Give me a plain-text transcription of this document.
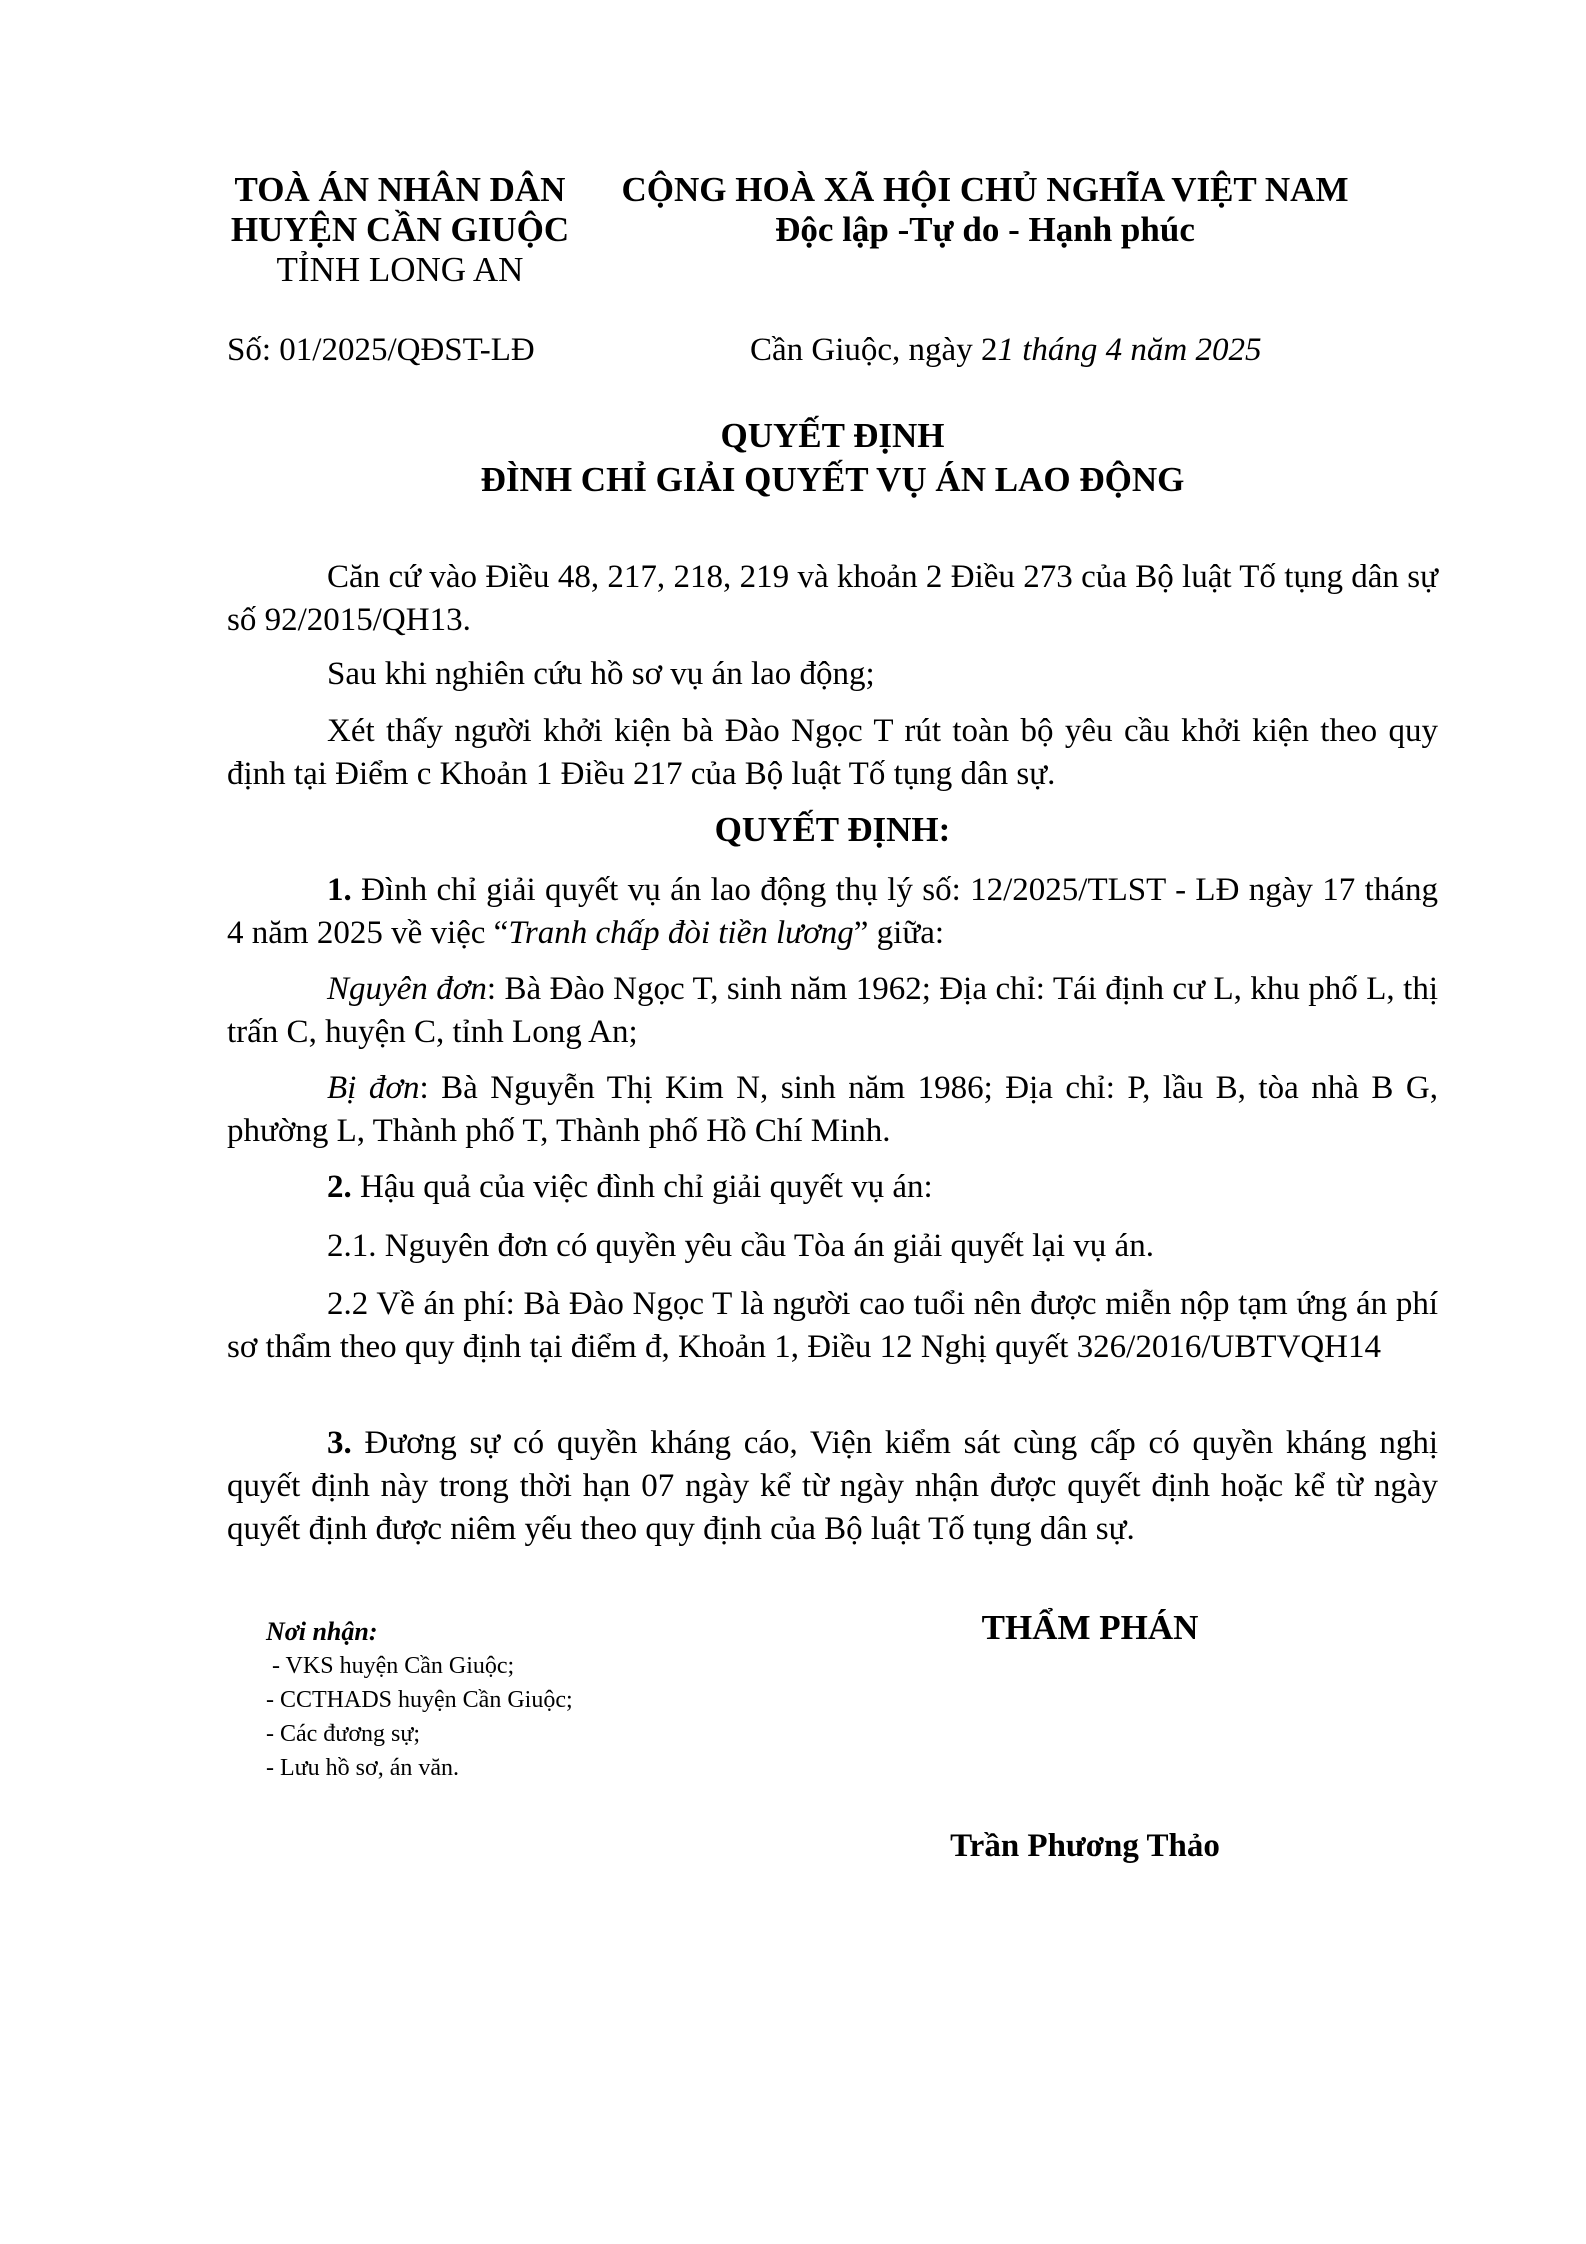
TOÀ ÁN NHÂN DÂN
HUYỆN CẦN GIUỘC
TỈNH LONG AN
CỘNG HOÀ XÃ HỘI CHỦ NGHĨA VIỆT NAM
Độc lập -Tự do - Hạnh phúc
Số: 01/2025/QĐST-LĐ	Cần Giuộc, ngày 21 tháng 4 năm 2025
QUYẾT ĐỊNH
ĐÌNH CHỈ GIẢI QUYẾT VỤ ÁN LAO ĐỘNG
Căn cứ vào Điều 48, 217, 218, 219 và khoản 2 Điều 273 của Bộ luật Tố tụng dân sự số 92/2015/QH13.
Sau khi nghiên cứu hồ sơ vụ án lao động;
Xét thấy người khởi kiện bà Đào Ngọc T rút toàn bộ yêu cầu khởi kiện theo quy định tại Điểm c Khoản 1 Điều 217 của Bộ luật Tố tụng dân sự.
QUYẾT ĐỊNH:
1. Đình chỉ giải quyết vụ án lao động thụ lý số: 12/2025/TLST - LĐ ngày 17 tháng 4 năm 2025 về việc “Tranh chấp đòi tiền lương” giữa:
Nguyên đơn: Bà Đào Ngọc T, sinh năm 1962; Địa chỉ: Tái định cư L, khu phố L, thị trấn C, huyện C, tỉnh Long An;
Bị đơn: Bà Nguyễn Thị Kim N, sinh năm 1986; Địa chỉ: P, lầu B, tòa nhà B G, phường L, Thành phố T, Thành phố Hồ Chí Minh.
2. Hậu quả của việc đình chỉ giải quyết vụ án:
2.1. Nguyên đơn có quyền yêu cầu Tòa án giải quyết lại vụ án.
2.2 Về án phí: Bà Đào Ngọc T là người cao tuổi nên được miễn nộp tạm ứng án phí sơ thẩm theo quy định tại điểm đ, Khoản 1, Điều 12 Nghị quyết 326/2016/UBTVQH14
3. Đương sự có quyền kháng cáo, Viện kiểm sát cùng cấp có quyền kháng nghị quyết định này trong thời hạn 07 ngày kể từ ngày nhận được quyết định hoặc kể từ ngày quyết định được niêm yếu theo quy định của Bộ luật Tố tụng dân sự.
Nơi nhận:
- VKS huyện Cần Giuộc;
- CCTHADS huyện Cần Giuộc;
- Các đương sự;
- Lưu hồ sơ, án văn.
THẨM PHÁN
Trần Phương Thảo
